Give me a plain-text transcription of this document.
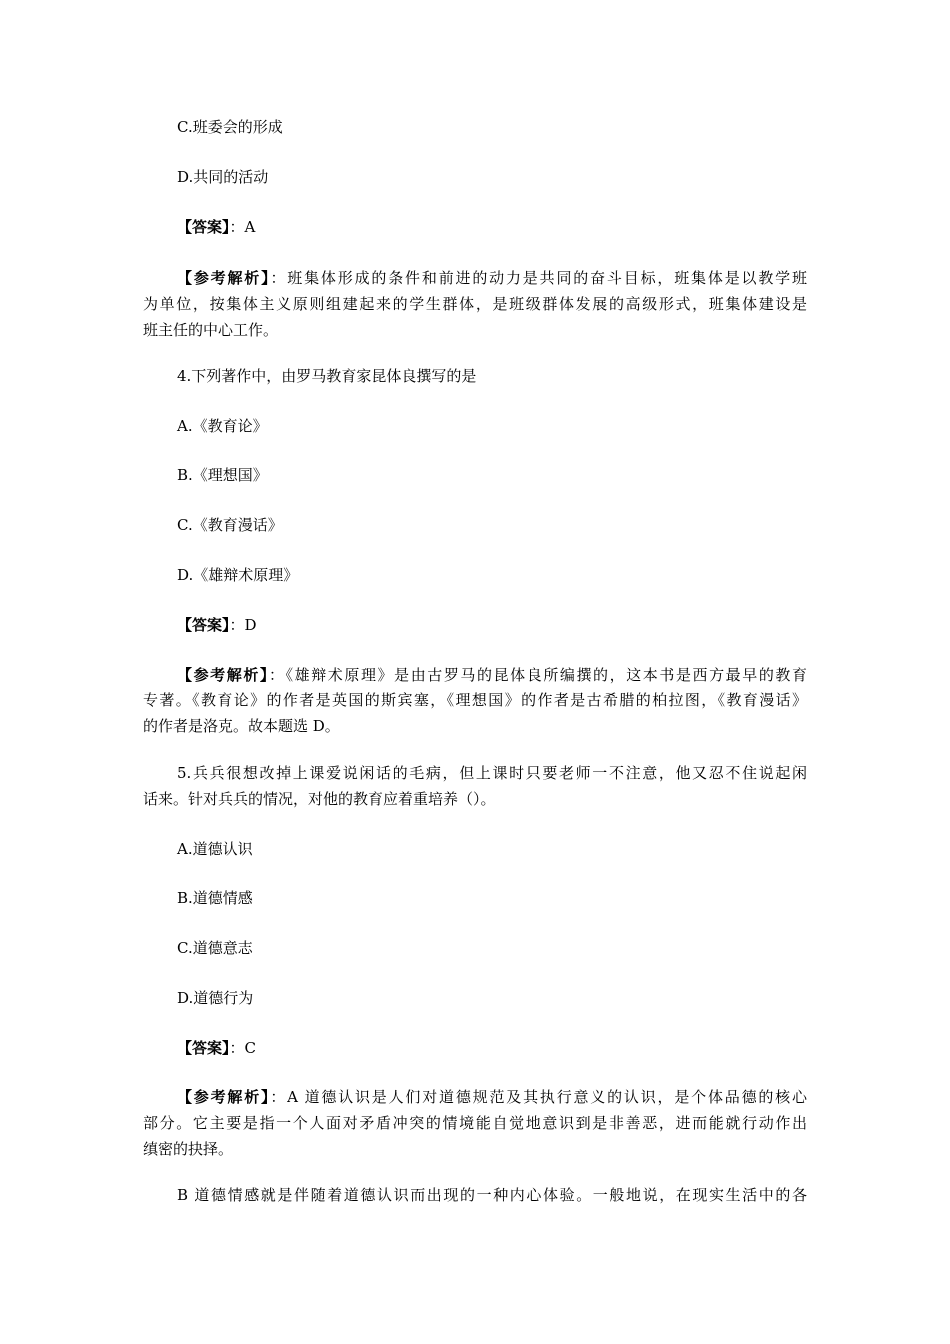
C.班委会的形成
D.共同的活动
【答案】：A
【参考解析】：班集体形成的条件和前进的动力是共同的奋斗目标，班集体是以教学班
为单位，按集体主义原则组建起来的学生群体，是班级群体发展的高级形式，班集体建设是
班主任的中心工作。
4.下列著作中，由罗马教育家昆体良撰写的是
A.《教育论》
B.《理想国》
C.《教育漫话》
D.《雄辩术原理》
【答案】：D
【参考解析】：《雄辩术原理》是由古罗马的昆体良所编撰的，这本书是西方最早的教育
专著。《教育论》的作者是英国的斯宾塞，《理想国》的作者是古希腊的柏拉图，《教育漫话》
的作者是洛克。故本题选 D。
5.兵兵很想改掉上课爱说闲话的毛病，但上课时只要老师一不注意，他又忍不住说起闲
话来。针对兵兵的情况，对他的教育应着重培养（）。
A.道德认识
B.道德情感
C.道德意志
D.道德行为
【答案】：C
【参考解析】：A 道德认识是人们对道德规范及其执行意义的认识，是个体品德的核心
部分。它主要是指一个人面对矛盾冲突的情境能自觉地意识到是非善恶，进而能就行动作出
缜密的抉择。
B 道德情感就是伴随着道德认识而出现的一种内心体验。一般地说，在现实生活中的各
